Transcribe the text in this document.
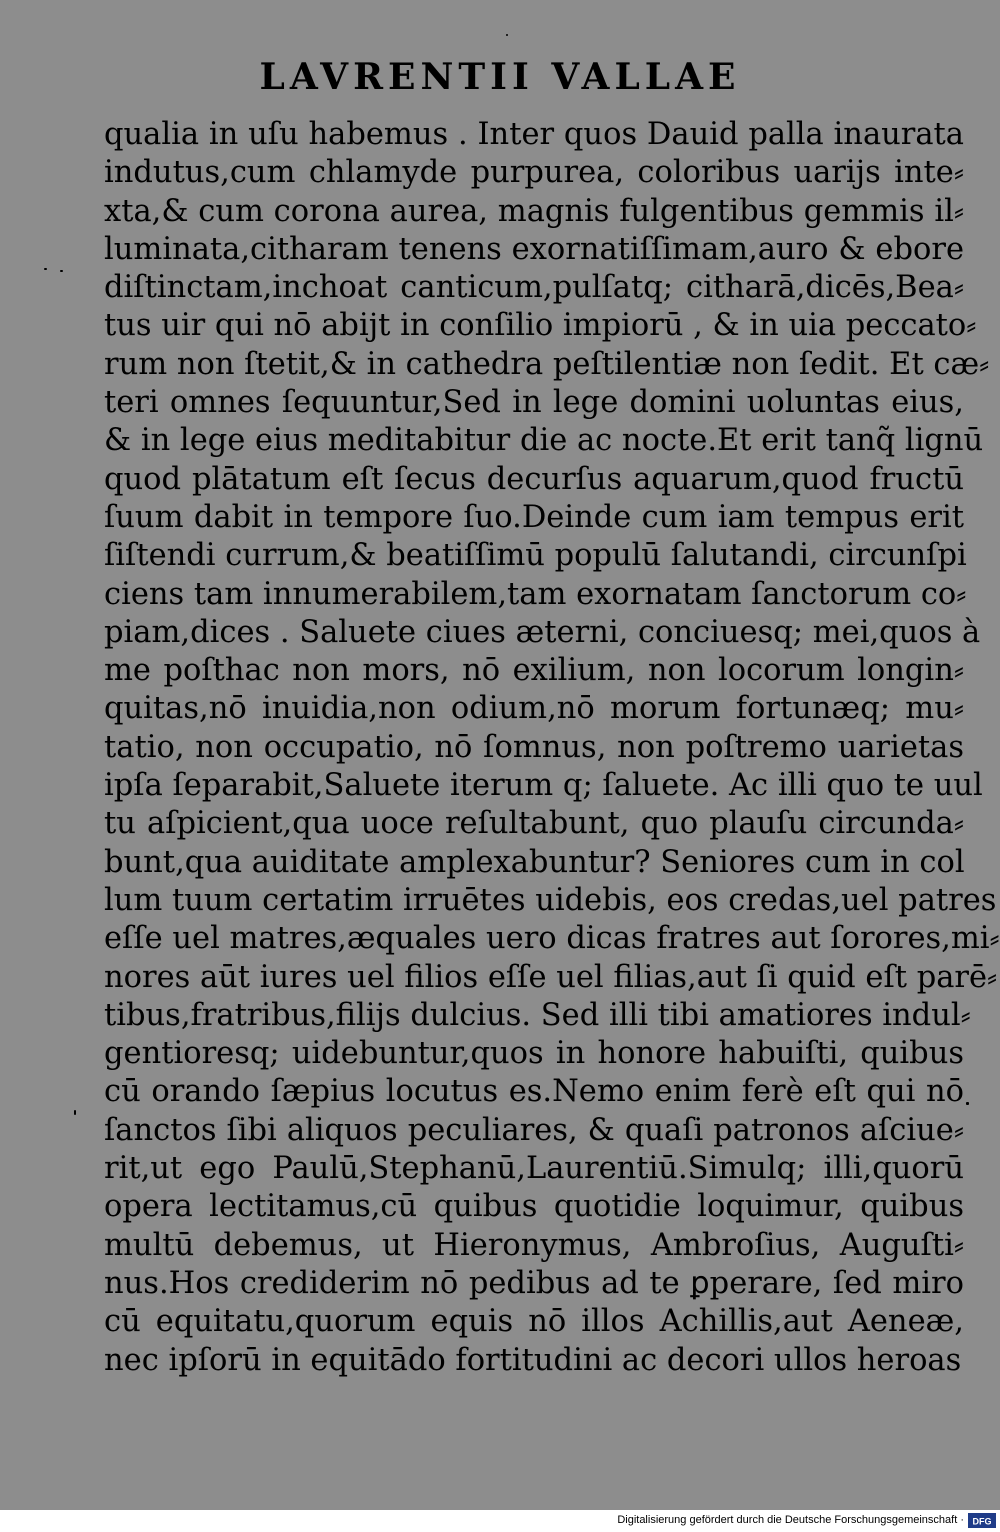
LAVRENTII VALLAE
qualia in uſu habemus . Inter quos Dauid palla inaurata
indutus,cum chlamyde purpurea, coloribus uarijs inte⸗
xta,& cum corona aurea, magnis fulgentibus gemmis il⸗
luminata,citharam tenens exornatiſſimam,auro & ebore
diſtinctam,inchoat canticum,pulſatq; citharā,dicēs,Bea⸗
tus uir qui nō abijt in conſilio impiorū , & in uia peccato⸗
rum non ſtetit,& in cathedra peſtilentiæ non ſedit. Et cæ⸗
teri omnes ſequuntur,Sed in lege domini uoluntas eius,
& in lege eius meditabitur die ac nocte.Et erit tanq̃ lignū
quod plātatum eſt ſecus decurſus aquarum,quod fructū
ſuum dabit in tempore ſuo.Deinde cum iam tempus erit
ſiſtendi currum,& beatiſſimū populū ſalutandi, circunſpi
ciens tam innumerabilem,tam exornatam ſanctorum co⸗
piam,dices . Saluete ciues æterni, conciuesq; mei,quos à
me poſthac non mors, nō exilium, non locorum longin⸗
quitas,nō inuidia,non odium,nō morum fortunæq; mu⸗
tatio, non occupatio, nō ſomnus, non poſtremo uarietas
ipſa ſeparabit,Saluete iterum q; ſaluete. Ac illi quo te uul
tu aſpicient,qua uoce reſultabunt, quo plauſu circunda⸗
bunt,qua auiditate amplexabuntur? Seniores cum in col
lum tuum certatim irruētes uidebis, eos credas,uel patres
eſſe uel matres,æquales uero dicas fratres aut ſorores,mi⸗
nores aūt iures uel filios eſſe uel filias,aut ſi quid eſt parē⸗
tibus,fratribus,filijs dulcius. Sed illi tibi amatiores indul⸗
gentioresq; uidebuntur,quos in honore habuiſti, quibus
cū orando ſæpius locutus es.Nemo enim ferè eſt qui nō
ſanctos ſibi aliquos peculiares, & quaſi patronos aſciue⸗
rit,ut ego Paulū,Stephanū,Laurentiū.Simulq; illi,quorū
opera lectitamus,cū quibus quotidie loquimur, quibus
multū debemus, ut Hieronymus, Ambroſius, Auguſti⸗
nus.Hos crediderim nō pedibus ad te ꝑperare, ſed miro
cū equitatu,quorum equis nō illos Achillis,aut Aeneæ,
nec ipſorū in equitādo fortitudini ac decori ullos heroas
Digitalisierung gefördert durch die Deutsche Forschungsgemeinschaft · DFG
